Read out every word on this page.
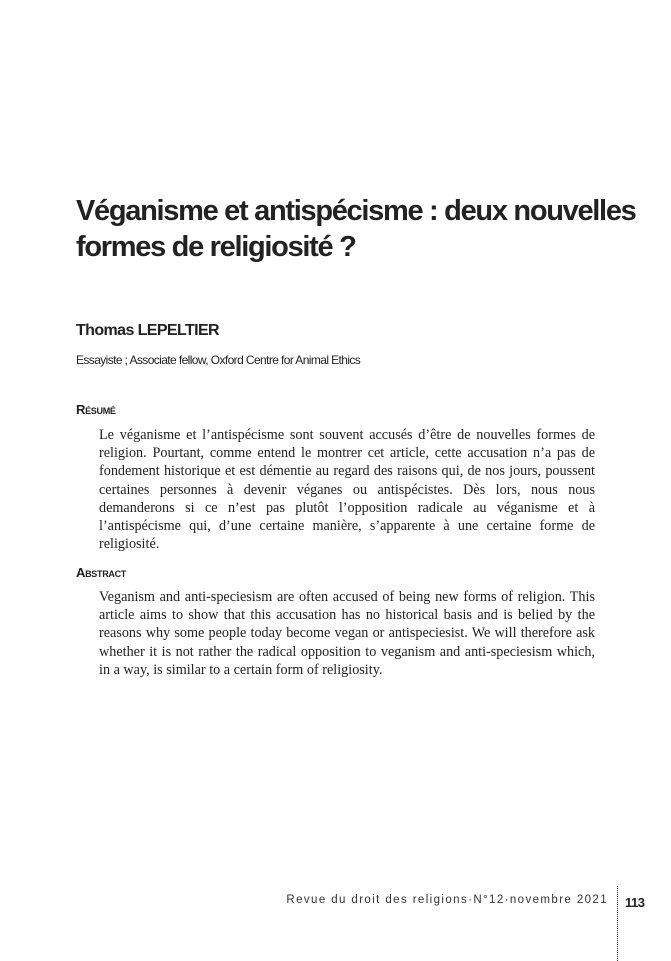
Véganisme et antispécisme : deux nouvelles formes de religiosité ?

Thomas LEPELTIER

Essayiste ; Associate fellow, Oxford Centre for Animal Ethics

Résumé

Le véganisme et l’antispécisme sont souvent accusés d’être de nouvelles formes de religion. Pourtant, comme entend le montrer cet article, cette accusation n’a pas de fondement historique et est démentie au regard des raisons qui, de nos jours, poussent certaines personnes à devenir véganes ou antispécistes. Dès lors, nous nous demanderons si ce n’est pas plutôt l’opposition radicale au véganisme et à l’antispécisme qui, d’une certaine manière, s’apparente à une certaine forme de religiosité.

Abstract

Veganism and anti-speciesism are often accused of being new forms of religion. This article aims to show that this accusation has no historical basis and is belied by the reasons why some people today become vegan or antispeciesist. We will therefore ask whether it is not rather the radical opposition to veganism and anti-speciesism which, in a way, is similar to a certain form of religiosity.

Revue du droit des religions·N°12·novembre 2021 113
